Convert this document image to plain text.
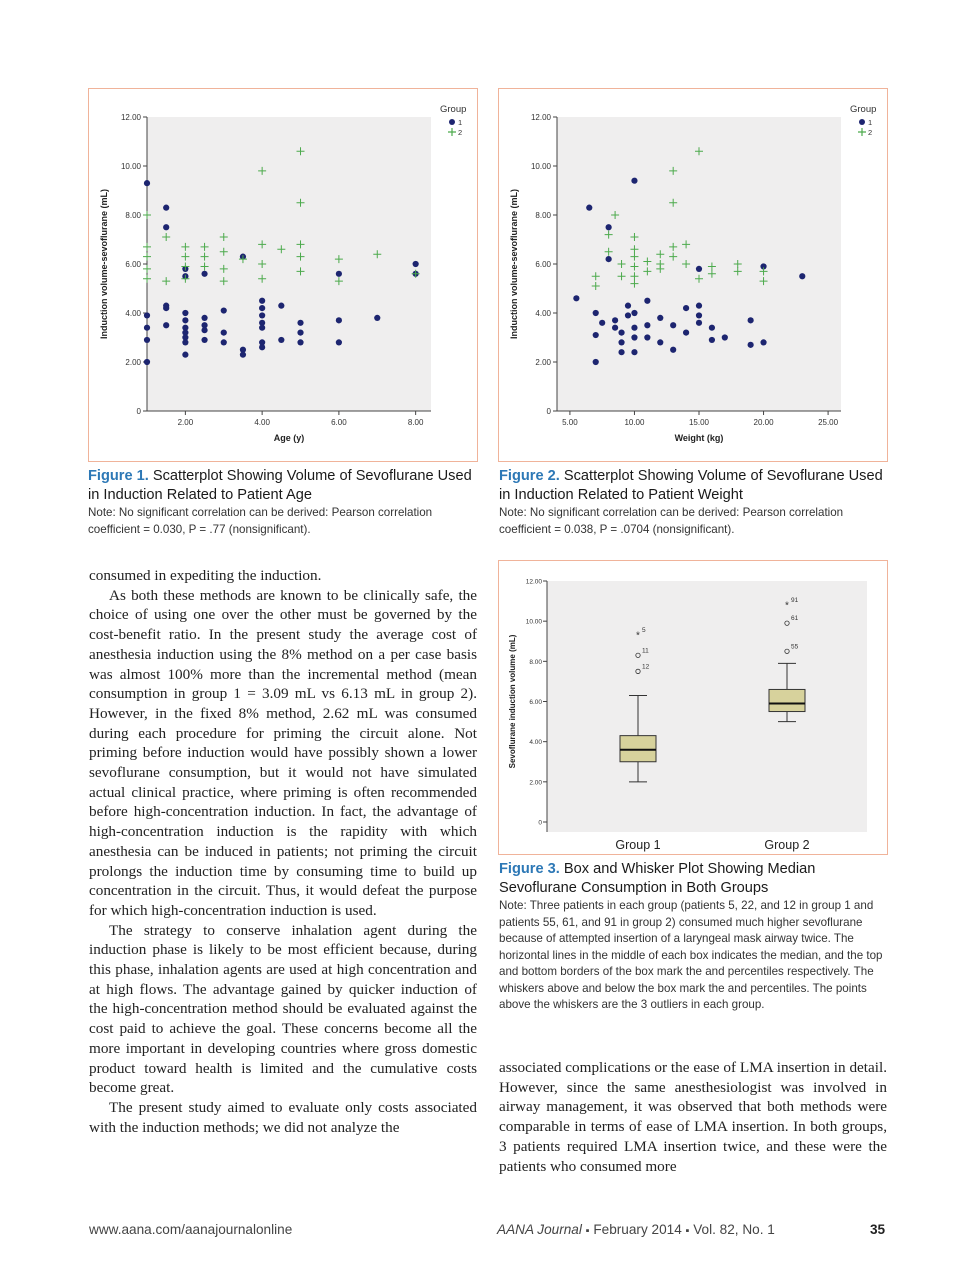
0
2.00
4.00
6.00
8.00
10.00
12.00
2.00	4.00	6.00	8.00
Age (y)
Induction volume-sevoflurane (mL)
Group
1
2

Figure 1. Scatterplot Showing Volume of Sevoflurane Used in Induction Related to Patient Age

Note: No significant correlation can be derived: Pearson correlation coefficient = 0.030, P = .77 (nonsignificant).

0
2.00
4.00
6.00
8.00
10.00
12.00
5.00	10.00	15.00	20.00	25.00
Weight (kg)
Induction volume-sevoflurane (mL)
Group
1
2

Figure 2. Scatterplot Showing Volume of Sevoflurane Used in Induction Related to Patient Weight

Note: No significant correlation can be derived: Pearson correlation coefficient = 0.038, P = .0704 (nonsignificant).

0
2.00
4.00
6.00
8.00
10.00
12.00
Sevoflurane induction volume (mL)	* 5
11
12
Group 1
* 91
61
55
Group 2

Figure 3. Box and Whisker Plot Showing Median Sevoflurane Consumption in Both Groups

Note: Three patients in each group (patients 5, 22, and 12 in group 1 and patients 55, 61, and 91 in group 2) consumed much higher sevoflurane because of attempted insertion of a laryngeal mask airway twice. The horizontal lines in the middle of each box indicates the median, and the top and bottom borders of the box mark the and percentiles respectively. The whiskers above and below the box mark the and percentiles. The points above the whiskers are the 3 outliers in each group.

consumed in expediting the induction.

As both these methods are known to be clinically safe, the choice of using one over the other must be governed by the cost-benefit ratio. In the present study the average cost of anesthesia induction using the 8% method on a per case basis was almost 100% more than the incremental method (mean consumption in group 1 = 3.09 mL vs 6.13 mL in group 2). However, in the fixed 8% method, 2.62 mL was consumed during each procedure for priming the circuit alone. Not priming before induction would have possibly shown a lower sevoflurane consumption, but it would not have simulated actual clinical practice, where priming is often recommended before high-concentration induction. In fact, the advantage of high-concentration induction is the rapidity with which anesthesia can be induced in patients; not priming the circuit prolongs the induction time by consuming time to build up concentration in the circuit. Thus, it would defeat the purpose for which high-concentration induction is used.

The strategy to conserve inhalation agent during the induction phase is likely to be most efficient because, during this phase, inhalation agents are used at high concentration and at high flows. The advantage gained by quicker induction of the high-concentration method should be evaluated against the cost paid to achieve the goal. These concerns become all the more important in developing countries where gross domestic product toward health is limited and the cumulative costs become great.

The present study aimed to evaluate only costs associated with the induction methods; we did not analyze the

associated complications or the ease of LMA insertion in detail. However, since the same anesthesiologist was involved in airway management, it was observed that both methods were comparable in terms of ease of LMA insertion. In both groups, 3 patients required LMA insertion twice, and these were the patients who consumed more

www.aana.com/aanajournalonline	AANA Journal ▪ February 2014 ▪ Vol. 82, No. 1	35
